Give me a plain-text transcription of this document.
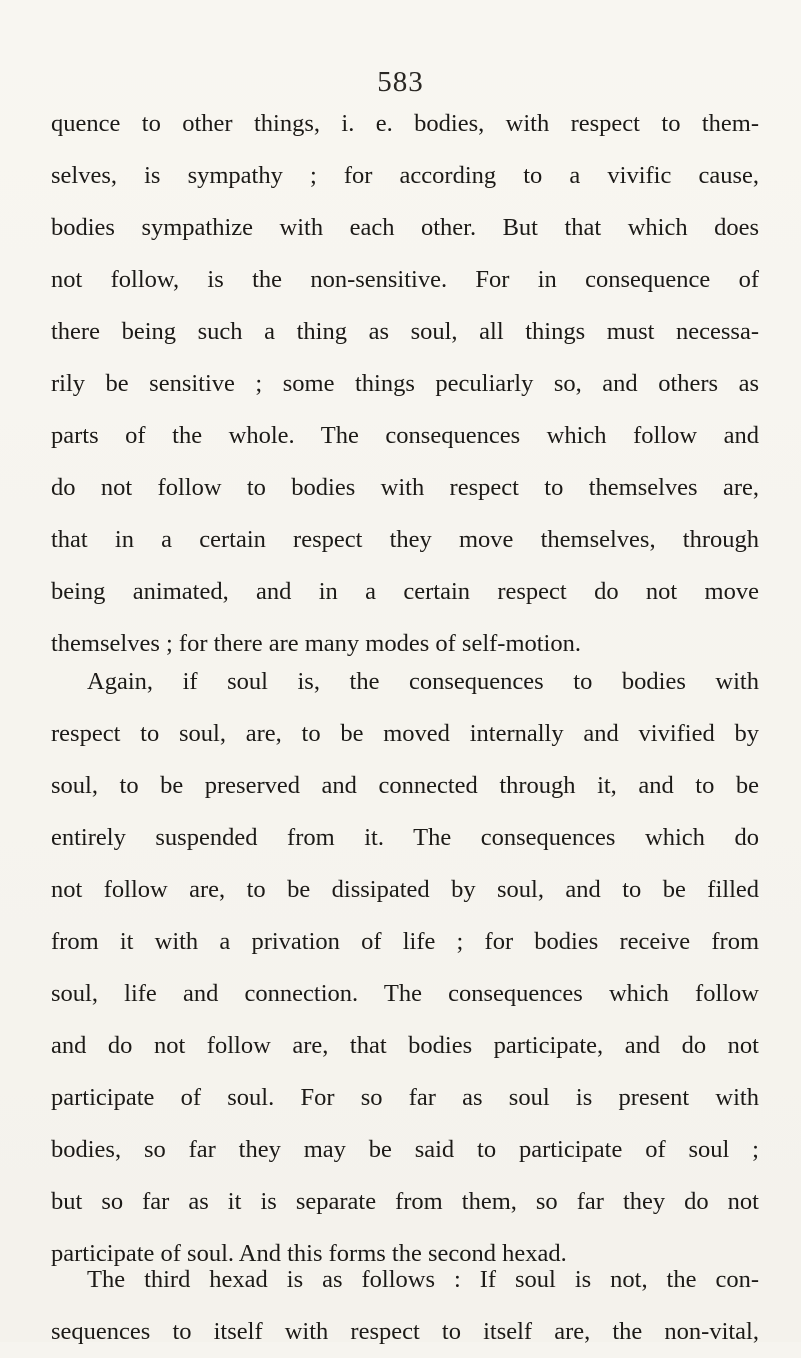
583
quence to other things, i. e. bodies, with respect to them-
selves, is sympathy ; for according to a vivific cause,
bodies sympathize with each other. But that which does
not follow, is the non-sensitive. For in consequence of
there being such a thing as soul, all things must necessa-
rily be sensitive ; some things peculiarly so, and others as
parts of the whole. The consequences which follow and
do not follow to bodies with respect to themselves are,
that in a certain respect they move themselves, through
being animated, and in a certain respect do not move
themselves ; for there are many modes of self-motion.
Again, if soul is, the consequences to bodies with
respect to soul, are, to be moved internally and vivified by
soul, to be preserved and connected through it, and to be
entirely suspended from it. The consequences which do
not follow are, to be dissipated by soul, and to be filled
from it with a privation of life ; for bodies receive from
soul, life and connection. The consequences which follow
and do not follow are, that bodies participate, and do not
participate of soul. For so far as soul is present with
bodies, so far they may be said to participate of soul ;
but so far as it is separate from them, so far they do not
participate of soul. And this forms the second hexad.
The third hexad is as follows : If soul is not, the con-
sequences to itself with respect to itself are, the non-vital,
